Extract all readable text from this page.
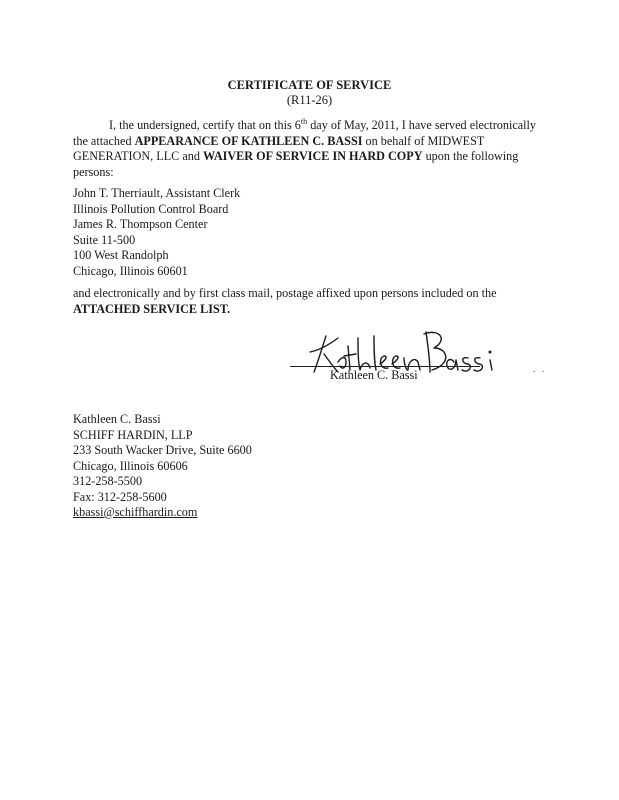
CERTIFICATE OF SERVICE
(R11-26)
I, the undersigned, certify that on this 6th day of May, 2011, I have served electronically the attached APPEARANCE OF KATHLEEN C. BASSI on behalf of MIDWEST GENERATION, LLC and WAIVER OF SERVICE IN HARD COPY upon the following persons:
John T. Therriault, Assistant Clerk
Illinois Pollution Control Board
James R. Thompson Center
Suite 11-500
100 West Randolph
Chicago, Illinois 60601
and electronically and by first class mail, postage affixed upon persons included on the ATTACHED SERVICE LIST.
Kathleen C. Bassi	. .
Kathleen C. Bassi
SCHIFF HARDIN, LLP
233 South Wacker Drive, Suite 6600
Chicago, Illinois 60606
312-258-5500
Fax: 312-258-5600
kbassi@schiffhardin.com
